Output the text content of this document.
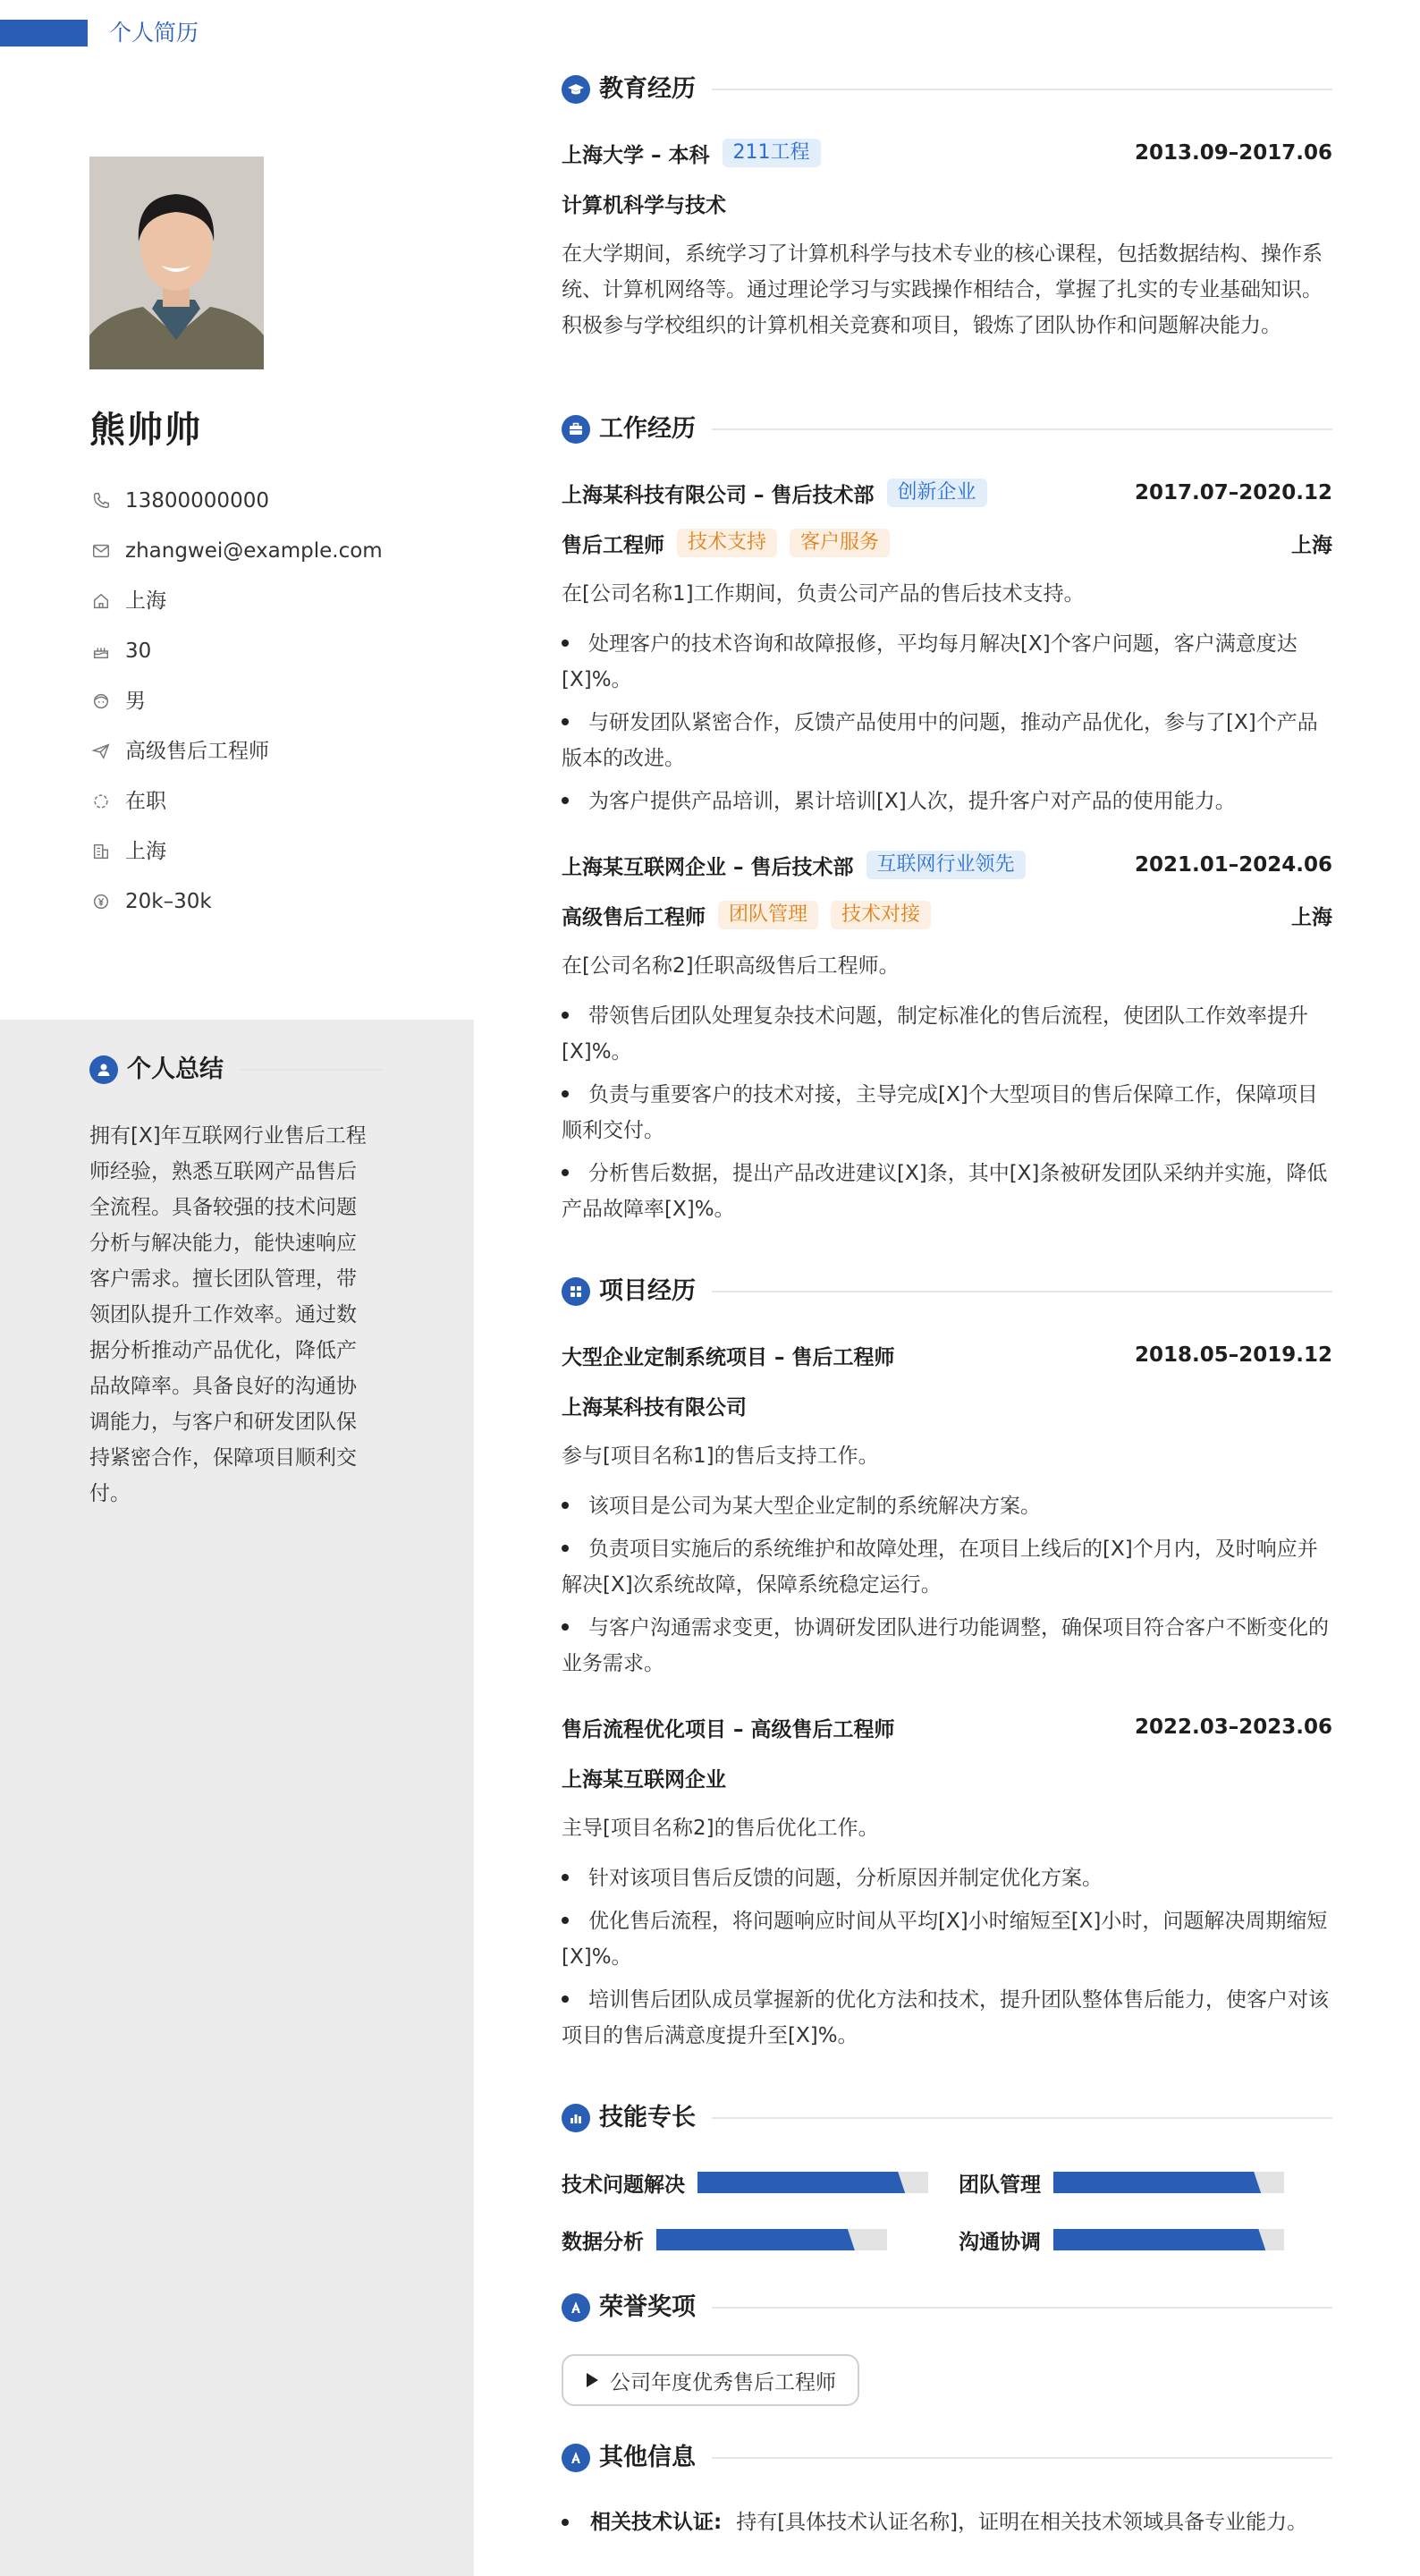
个人简历
熊帅帅
13800000000
zhangwei@example.com
上海
30
男
高级售后工程师
在职
上海
20k–30k
个人总结
拥有[X]年互联网行业售后工程师经验，熟悉互联网产品售后全流程。具备较强的技术问题分析与解决能力，能快速响应客户需求。擅长团队管理，带领团队提升工作效率。通过数据分析推动产品优化，降低产品故障率。具备良好的沟通协调能力，与客户和研发团队保持紧密合作，保障项目顺利交付。
教育经历
上海大学 – 本科	211工程	2013.09–2017.06
计算机科学与技术
在大学期间，系统学习了计算机科学与技术专业的核心课程，包括数据结构、操作系统、计算机网络等。通过理论学习与实践操作相结合，掌握了扎实的专业基础知识。积极参与学校组织的计算机相关竞赛和项目，锻炼了团队协作和问题解决能力。
工作经历
上海某科技有限公司 – 售后技术部	创新企业	2017.07–2020.12
售后工程师	技术支持	客户服务	上海
在[公司名称1]工作期间，负责公司产品的售后技术支持。
处理客户的技术咨询和故障报修，平均每月解决[X]个客户问题，客户满意度达[X]%。
与研发团队紧密合作，反馈产品使用中的问题，推动产品优化，参与了[X]个产品版本的改进。
为客户提供产品培训，累计培训[X]人次，提升客户对产品的使用能力。
上海某互联网企业 – 售后技术部	互联网行业领先	2021.01–2024.06
高级售后工程师	团队管理	技术对接	上海
在[公司名称2]任职高级售后工程师。
带领售后团队处理复杂技术问题，制定标准化的售后流程，使团队工作效率提升[X]%。
负责与重要客户的技术对接，主导完成[X]个大型项目的售后保障工作，保障项目顺利交付。
分析售后数据，提出产品改进建议[X]条，其中[X]条被研发团队采纳并实施，降低产品故障率[X]%。
项目经历
大型企业定制系统项目 – 售后工程师	2018.05–2019.12
上海某科技有限公司
参与[项目名称1]的售后支持工作。
该项目是公司为某大型企业定制的系统解决方案。
负责项目实施后的系统维护和故障处理，在项目上线后的[X]个月内，及时响应并解决[X]次系统故障，保障系统稳定运行。
与客户沟通需求变更，协调研发团队进行功能调整，确保项目符合客户不断变化的业务需求。
售后流程优化项目 – 高级售后工程师	2022.03–2023.06
上海某互联网企业
主导[项目名称2]的售后优化工作。
针对该项目售后反馈的问题，分析原因并制定优化方案。
优化售后流程，将问题响应时间从平均[X]小时缩短至[X]小时，问题解决周期缩短[X]%。
培训售后团队成员掌握新的优化方法和技术，提升团队整体售后能力，使客户对该项目的售后满意度提升至[X]%。
技能专长
技术问题解决	团队管理
数据分析	沟通协调
荣誉奖项
公司年度优秀售后工程师
其他信息
相关技术认证: 持有[具体技术认证名称]，证明在相关技术领域具备专业能力。
